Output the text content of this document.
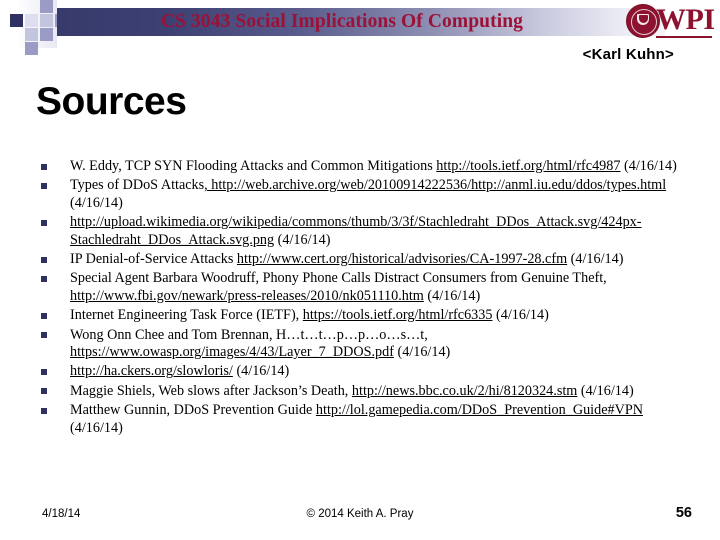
CS 3043 Social Implications Of Computing	WPI
<Karl Kuhn>
Sources
W. Eddy, TCP SYN Flooding Attacks and Common Mitigations http://tools.ietf.org/html/rfc4987 (4/16/14)
Types of DDoS Attacks, http://web.archive.org/web/20100914222536/http://anml.iu.edu/ddos/types.html (4/16/14)
http://upload.wikimedia.org/wikipedia/commons/thumb/3/3f/Stachledraht_DDos_Attack.svg/424px-Stachledraht_DDos_Attack.svg.png (4/16/14)
IP Denial-of-Service Attacks http://www.cert.org/historical/advisories/CA-1997-28.cfm (4/16/14)
Special Agent Barbara Woodruff, Phony Phone Calls Distract Consumers from Genuine Theft, http://www.fbi.gov/newark/press-releases/2010/nk051110.htm (4/16/14)
Internet Engineering Task Force (IETF), https://tools.ietf.org/html/rfc6335 (4/16/14)
Wong Onn Chee and Tom Brennan, H…t…t…p…p…o…s…t, https://www.owasp.org/images/4/43/Layer_7_DDOS.pdf (4/16/14)
http://ha.ckers.org/slowloris/ (4/16/14)
Maggie Shiels, Web slows after Jackson’s Death, http://news.bbc.co.uk/2/hi/8120324.stm (4/16/14)
Matthew Gunnin, DDoS Prevention Guide http://lol.gamepedia.com/DDoS_Prevention_Guide#VPN (4/16/14)
4/18/14	© 2014 Keith A. Pray	56
